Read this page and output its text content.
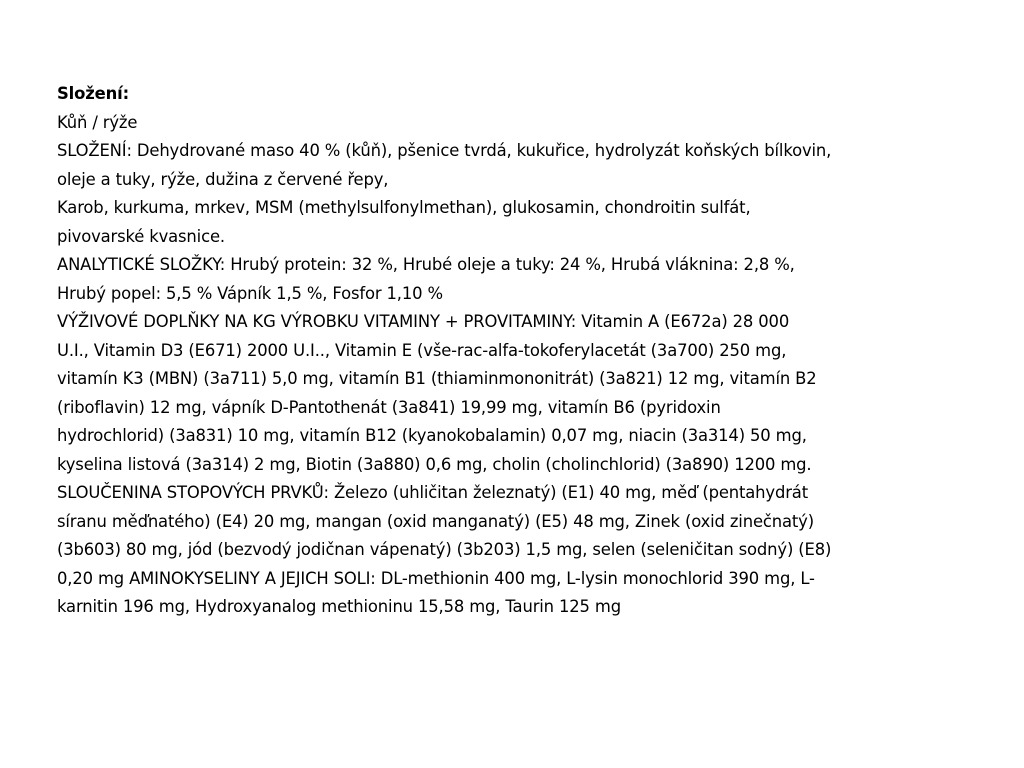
Složení:
Kůň / rýže
SLOŽENÍ: Dehydrované maso 40 % (kůň), pšenice tvrdá, kukuřice, hydrolyzát koňských bílkovin,
oleje a tuky, rýže, dužina z červené řepy,
Karob, kurkuma, mrkev, MSM (methylsulfonylmethan), glukosamin, chondroitin sulfát,
pivovarské kvasnice.
ANALYTICKÉ SLOŽKY: Hrubý protein: 32 %, Hrubé oleje a tuky: 24 %, Hrubá vláknina: 2,8 %,
Hrubý popel: 5,5 % Vápník 1,5 %, Fosfor 1,10 %
VÝŽIVOVÉ DOPLŇKY NA KG VÝROBKU VITAMINY + PROVITAMINY: Vitamin A (E672a) 28 000
U.I., Vitamin D3 (E671) 2000 U.I.., Vitamin E (vše-rac-alfa-tokoferylacetát (3a700) 250 mg,
vitamín K3 (MBN) (3a711) 5,0 mg, vitamín B1 (thiaminmononitrát) (3a821) 12 mg, vitamín B2
(riboflavin) 12 mg, vápník D-Pantothenát (3a841) 19,99 mg, vitamín B6 (pyridoxin
hydrochlorid) (3a831) 10 mg, vitamín B12 (kyanokobalamin) 0,07 mg, niacin (3a314) 50 mg,
kyselina listová (3a314) 2 mg, Biotin (3a880) 0,6 mg, cholin (cholinchlorid) (3a890) 1200 mg.
SLOUČENINA STOPOVÝCH PRVKŮ: Železo (uhličitan železnatý) (E1) 40 mg, měď (pentahydrát
síranu měďnatého) (E4) 20 mg, mangan (oxid manganatý) (E5) 48 mg, Zinek (oxid zinečnatý)
(3b603) 80 mg, jód (bezvodý jodičnan vápenatý) (3b203) 1,5 mg, selen (seleničitan sodný) (E8)
0,20 mg AMINOKYSELINY A JEJICH SOLI: DL-methionin 400 mg, L-lysin monochlorid 390 mg, L-
karnitin 196 mg, Hydroxyanalog methioninu 15,58 mg, Taurin 125 mg
